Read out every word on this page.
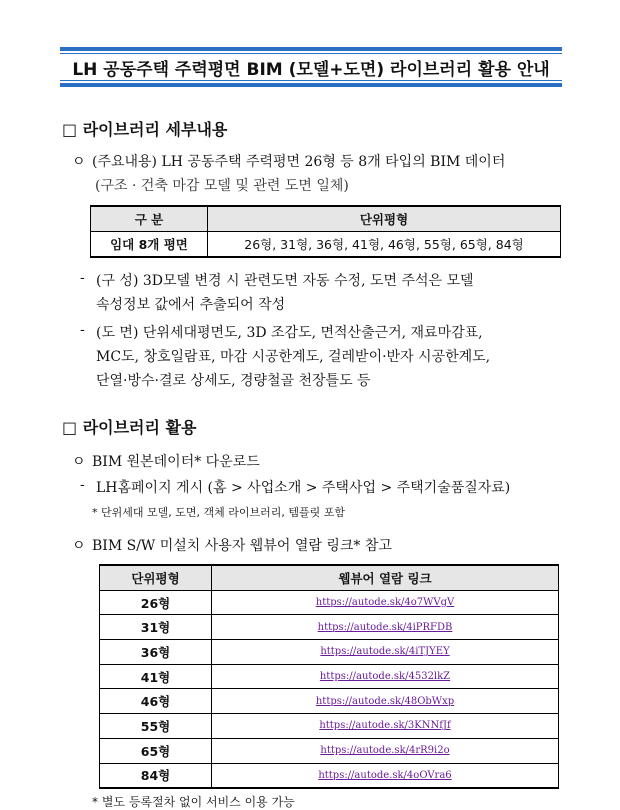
LH 공동주택 주력평면 BIM (모델+도면) 라이브러리 활용 안내
□ 라이브러리 세부내용
ㅇ (주요내용) LH 공동주택 주력평면 26형 등 8개 타입의 BIM 데이터
(구조 · 건축 마감 모델 및 관련 도면 일체)
구 분	단위평형
임대 8개 평면	26형, 31형, 36형, 41형, 46형, 55형, 65형, 84형
- (구 성) 3D모델 변경 시 관련도면 자동 수정, 도면 주석은 모델
속성정보 값에서 추출되어 작성
- (도 면) 단위세대평면도, 3D 조감도, 면적산출근거, 재료마감표,
MC도, 창호일람표, 마감 시공한계도, 걸레받이·반자 시공한계도,
단열·방수·결로 상세도, 경량철골 천장틀도 등
□ 라이브러리 활용
ㅇ BIM 원본데이터* 다운로드
- LH홈페이지 게시 (홈 > 사업소개 > 주택사업 > 주택기술품질자료)
* 단위세대 모델, 도면, 객체 라이브러리, 템플릿 포함
ㅇ BIM S/W 미설치 사용자 웹뷰어 열람 링크* 참고
단위평형	웹뷰어 열람 링크
26형	https://autode.sk/4o7WVgV
31형	https://autode.sk/4iPRFDB
36형	https://autode.sk/4iTJYEY
41형	https://autode.sk/4532lkZ
46형	https://autode.sk/48ObWxp
55형	https://autode.sk/3KNNfJf
65형	https://autode.sk/4rR9i2o
84형	https://autode.sk/4oOVra6
* 별도 등록절차 없이 서비스 이용 가능
